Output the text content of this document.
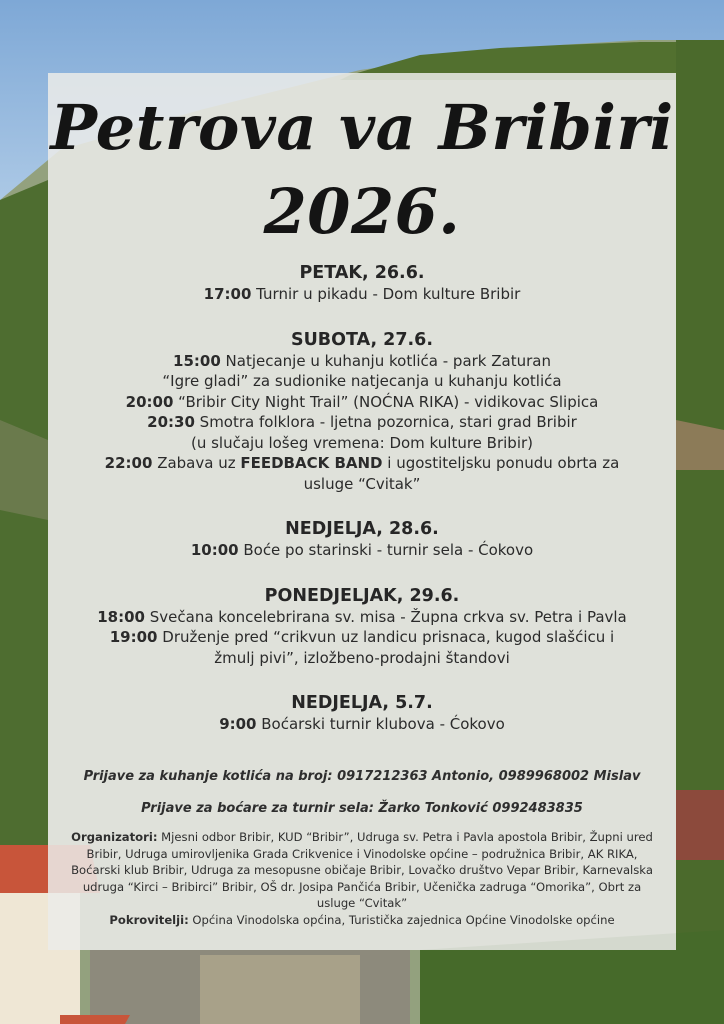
Petrova va Bribiri
2026.

PETAK, 26.6.

17:00 Turnir u pikadu - Dom kulture Bribir

SUBOTA, 27.6.

15:00 Natjecanje u kuhanju kotlića - park Zaturan

“Igre gladi” za sudionike natjecanja u kuhanju kotlića

20:00 “Bribir City Night Trail” (NOĆNA RIKA) - vidikovac Slipica

20:30 Smotra folklora - ljetna pozornica, stari grad Bribir

(u slučaju lošeg vremena: Dom kulture Bribir)

22:00 Zabava uz FEEDBACK BAND i ugostiteljsku ponudu obrta za

usluge “Cvitak”

NEDJELJA, 28.6.

10:00 Boće po starinski - turnir sela - Ćokovo

PONEDJELJAK, 29.6.

18:00 Svečana koncelebrirana sv. misa - Župna crkva sv. Petra i Pavla

19:00 Druženje pred “crikvun uz landicu prisnaca, kugod slašćicu i

žmulj pivi”, izložbeno-prodajni štandovi

NEDJELJA, 5.7.

9:00 Boćarski turnir klubova - Ćokovo

Prijave za kuhanje kotlića na broj: 0917212363 Antonio, 0989968002 Mislav

Prijave za boćare za turnir sela: Žarko Tonković 0992483835

Organizatori: Mjesni odbor Bribir, KUD “Bribir”, Udruga sv. Petra i Pavla apostola Bribir, Župni ured Bribir, Udruga umirovljenika Grada Crikvenice i Vinodolske općine – podružnica Bribir, AK RIKA, Boćarski klub Bribir, Udruga za mesopusne običaje Bribir, Lovačko društvo Vepar Bribir, Karnevalska udruga “Kirci – Bribirci” Bribir, OŠ dr. Josipa Pančića Bribir, Učenička zadruga “Omorika”, Obrt za usluge “Cvitak”

Pokrovitelji: Općina Vinodolska općina, Turistička zajednica Općine Vinodolske općine
